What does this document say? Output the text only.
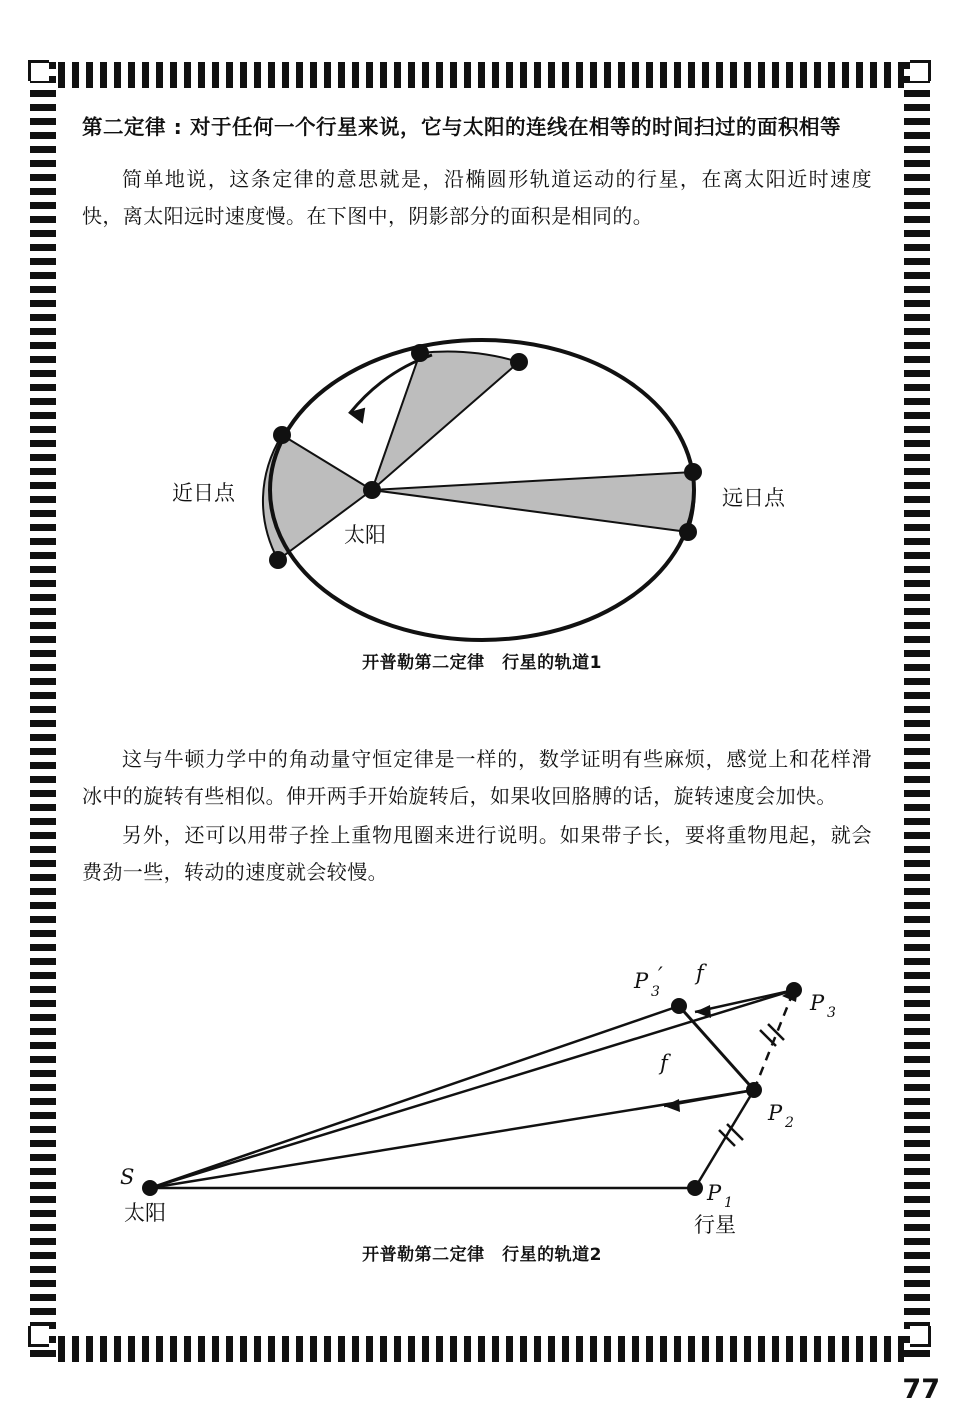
第二定律 : 对于任何一个行星来说，它与太阳的连线在相等的时间扫过的面积相等

简单地说，这条定律的意思就是，沿椭圆形轨道运动的行星，在离太阳近时速度快，离太阳远时速度慢。在下图中，阴影部分的面积是相同的。

近日点	远日点
太阳
开普勒第二定律　行星的轨道1

这与牛顿力学中的角动量守恒定律是一样的，数学证明有些麻烦，感觉上和花样滑冰中的旋转有些相似。伸开两手开始旋转后，如果收回胳膊的话，旋转速度会加快。

另外，还可以用带子拴上重物甩圈来进行说明。如果带子长，要将重物甩起，就会费劲一些，转动的速度就会较慢。

S
太阳
P 1
行星
P 2
P 3
P 3
′ f
f
开普勒第二定律　行星的轨道2
77
